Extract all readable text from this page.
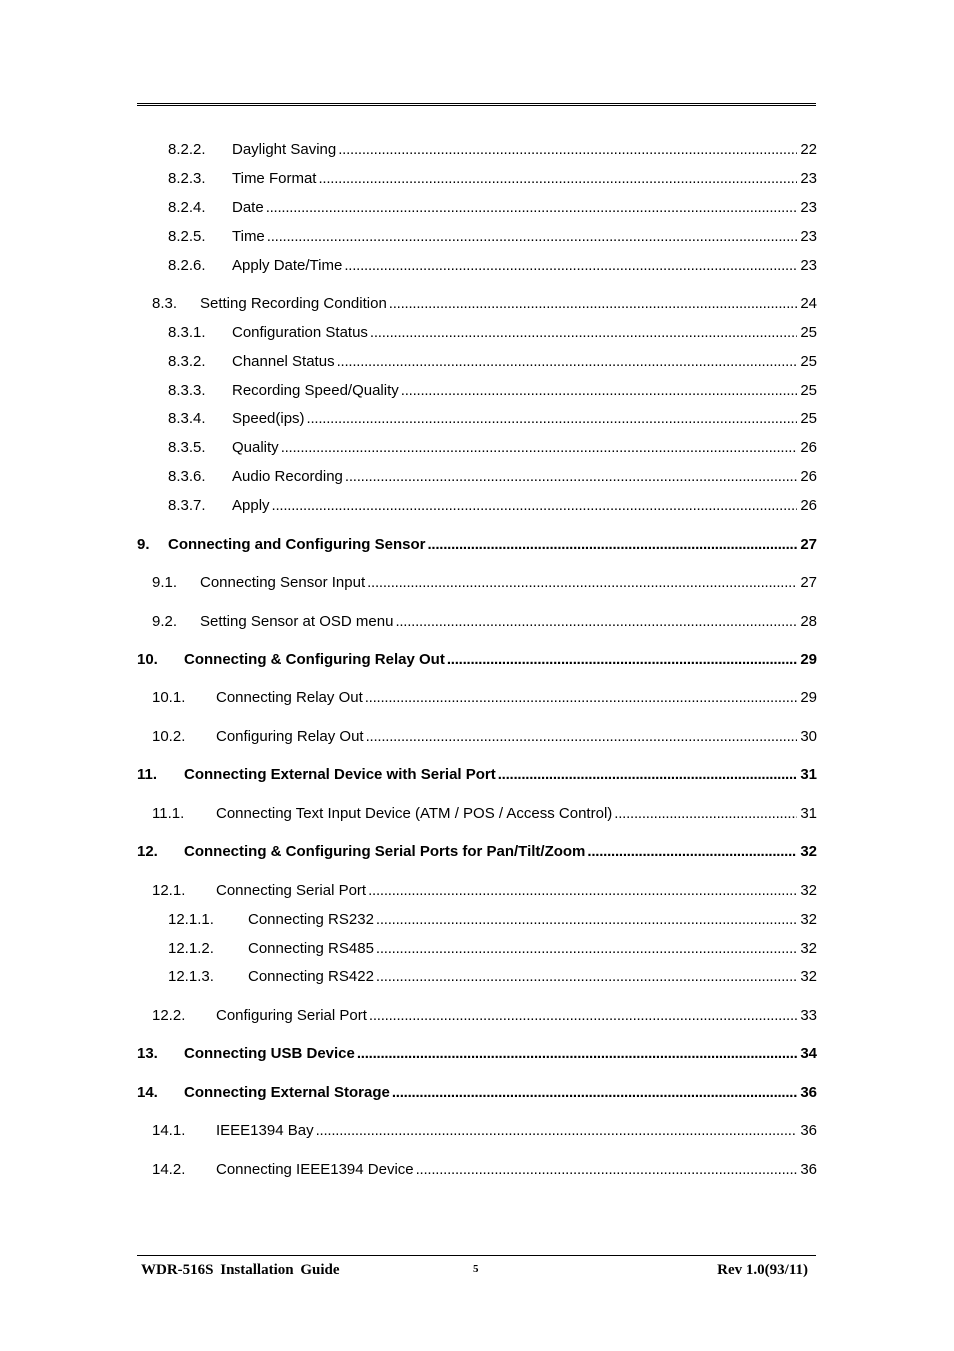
8.2.2.	Daylight Saving . . .	22
8.2.3.	Time Format . . .	23
8.2.4.	Date . . .	23
8.2.5.	Time . . .	23
8.2.6.	Apply Date/Time . . .	23
8.3.	Setting Recording Condition . . .	24
8.3.1.	Configuration Status . . .	25
8.3.2.	Channel Status . . .	25
8.3.3.	Recording Speed/Quality . . .	25
8.3.4.	Speed(ips) . . .	25
8.3.5.	Quality . . .	26
8.3.6.	Audio Recording . . .	26
8.3.7.	Apply . . .	26
9.	Connecting and Configuring Sensor . . .	27
9.1.	Connecting Sensor Input . . .	27
9.2.	Setting Sensor at OSD menu . . .	28
10.	Connecting & Configuring Relay Out . . .	29
10.1.	Connecting Relay Out . . .	29
10.2.	Configuring Relay Out . . .	30
11.	Connecting External Device with Serial Port . . .	31
11.1.	Connecting Text Input Device (ATM / POS / Access Control) . . .	31
12.	Connecting & Configuring Serial Ports for Pan/Tilt/Zoom . . .	32
12.1.	Connecting Serial Port . . .	32
12.1.1.	Connecting RS232 . . .	32
12.1.2.	Connecting RS485 . . .	32
12.1.3.	Connecting RS422 . . .	32
12.2.	Configuring Serial Port . . .	33
13.	Connecting USB Device . . .	34
14.	Connecting External Storage . . .	36
14.1.	IEEE1394 Bay . . .	36
14.2.	Connecting IEEE1394 Device . . .	36
WDR-516S Installation Guide	5	Rev 1.0(93/11)
